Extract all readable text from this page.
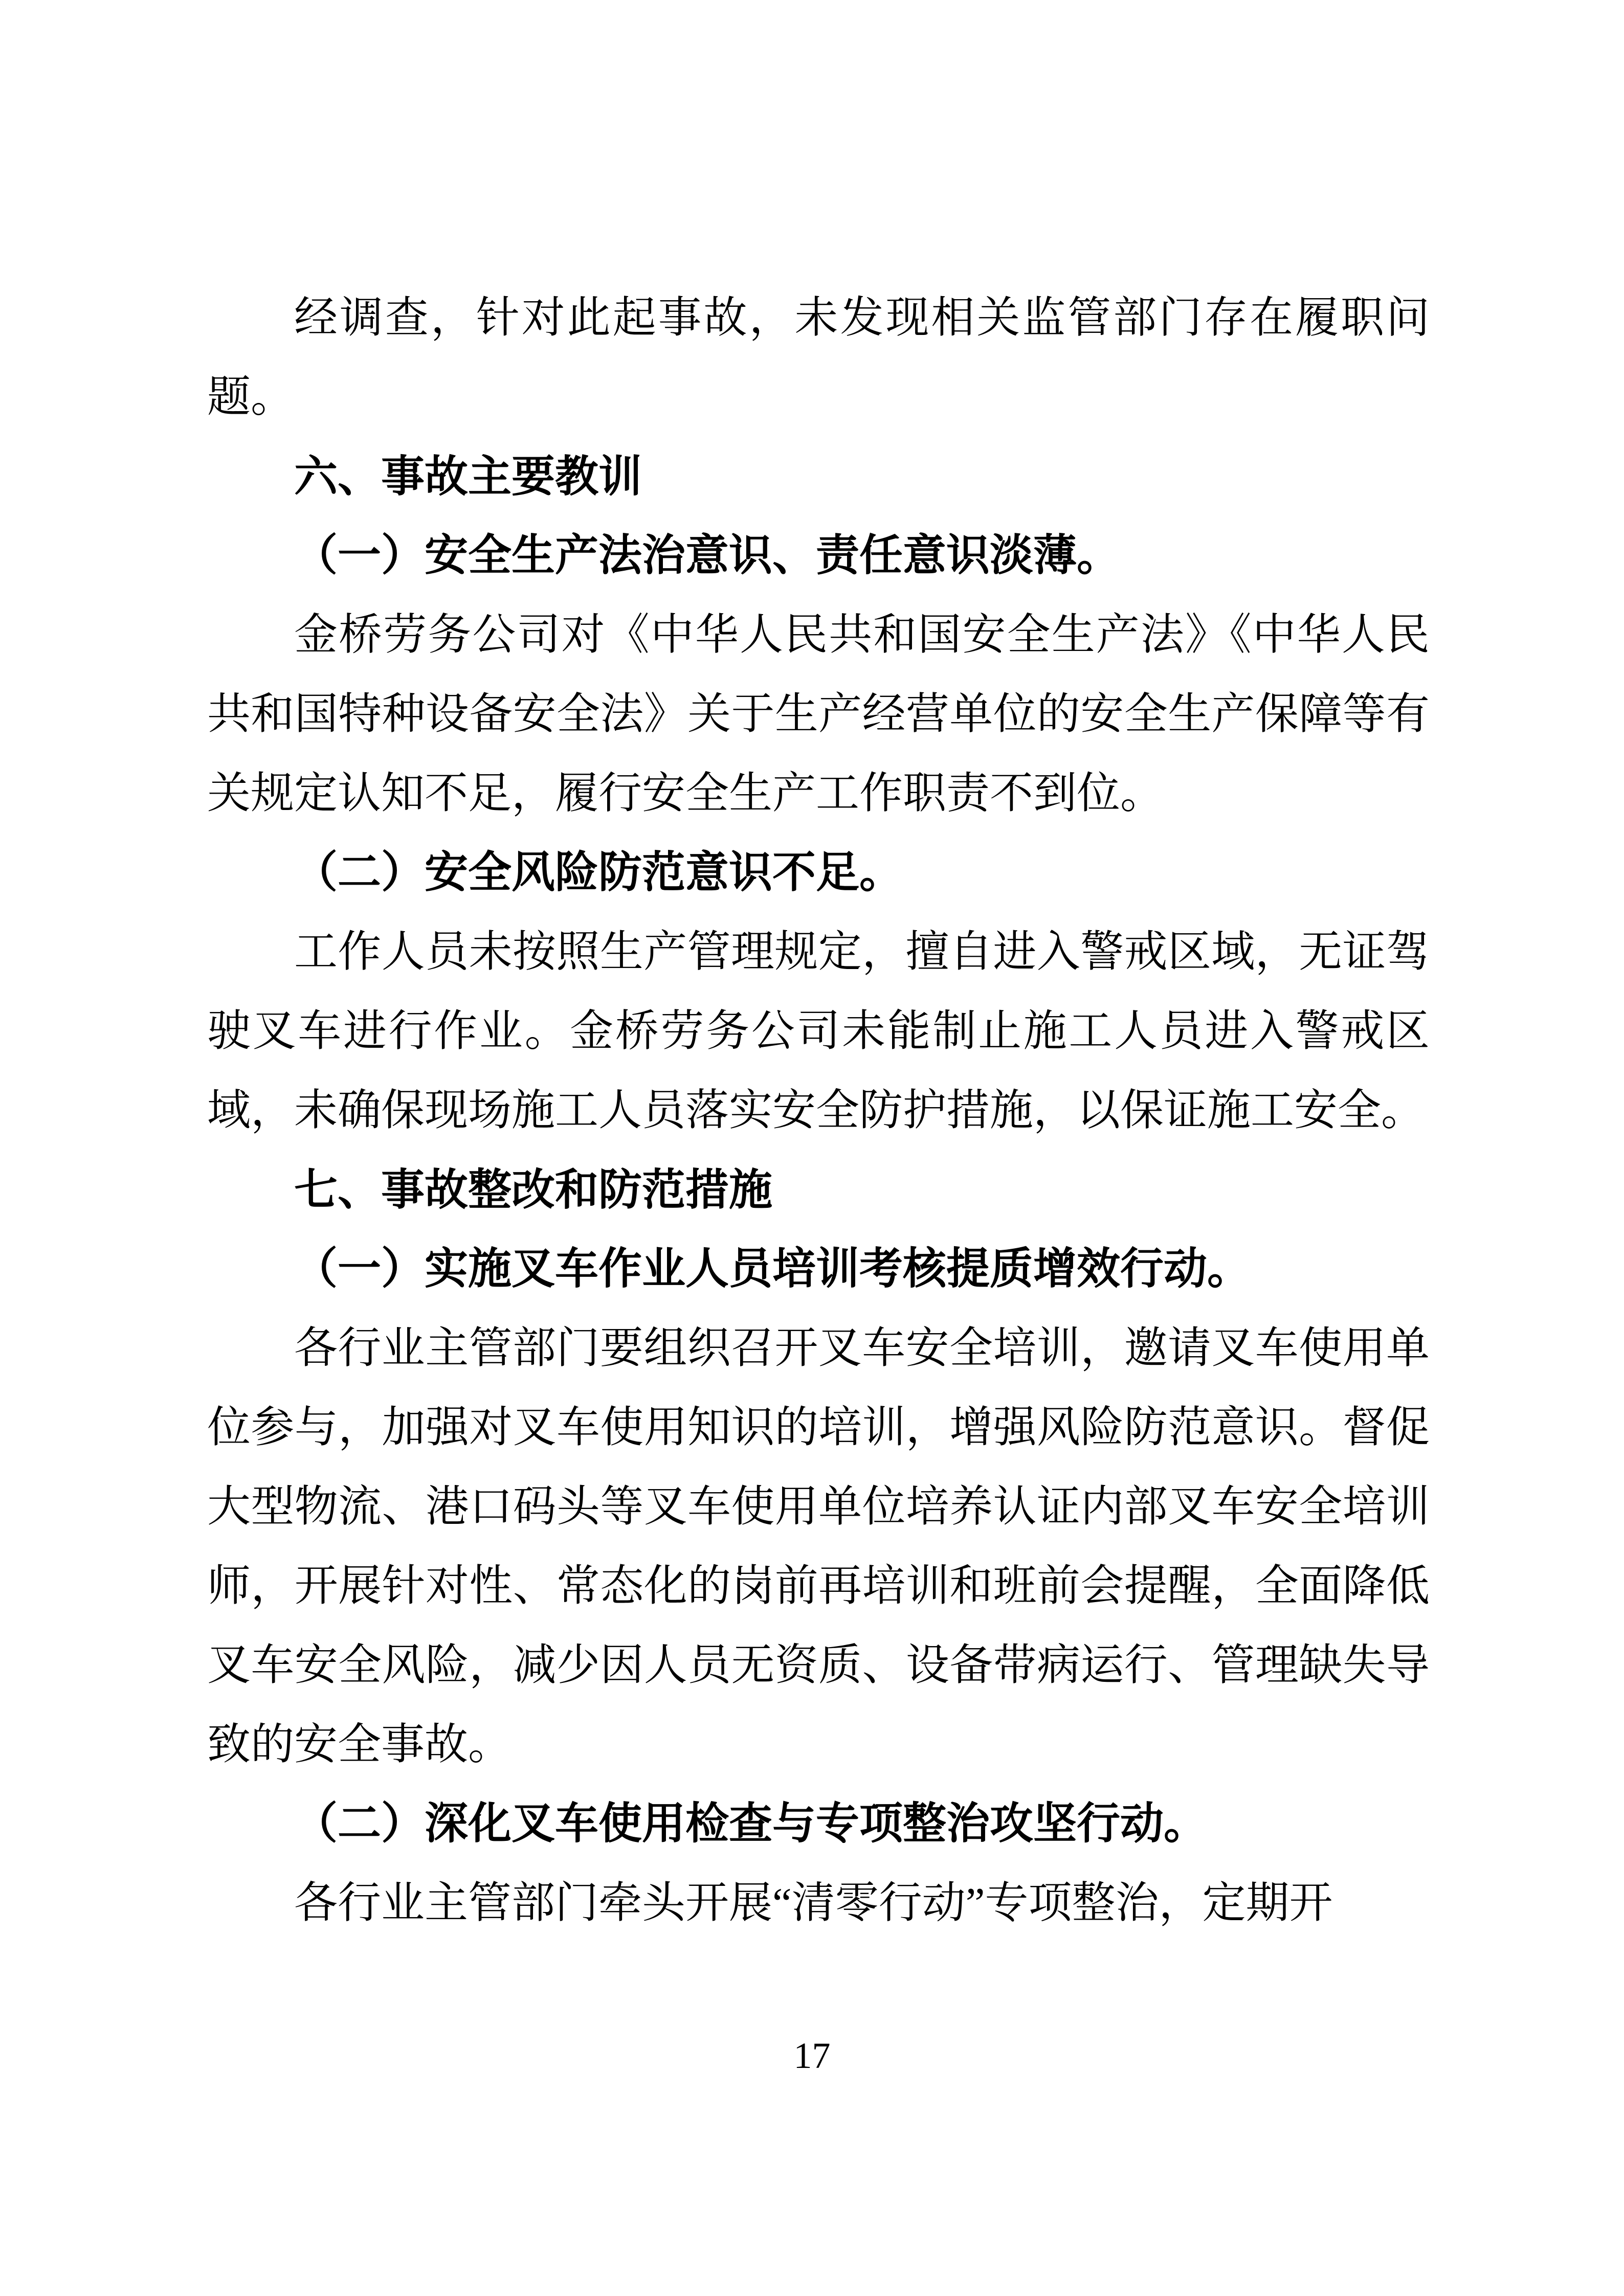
经调查，针对此起事故，未发现相关监管部门存在履职问题。

六、事故主要教训

（一）安全生产法治意识、责任意识淡薄。

金桥劳务公司对《中华人民共和国安全生产法》《中华人民共和国特种设备安全法》关于生产经营单位的安全生产保障等有关规定认知不足，履行安全生产工作职责不到位。

（二）安全风险防范意识不足。

工作人员未按照生产管理规定，擅自进入警戒区域，无证驾驶叉车进行作业。金桥劳务公司未能制止施工人员进入警戒区域，未确保现场施工人员落实安全防护措施，以保证施工安全。

七、事故整改和防范措施

（一）实施叉车作业人员培训考核提质增效行动。

各行业主管部门要组织召开叉车安全培训，邀请叉车使用单位参与，加强对叉车使用知识的培训，增强风险防范意识。督促大型物流、港口码头等叉车使用单位培养认证内部叉车安全培训师，开展针对性、常态化的岗前再培训和班前会提醒，全面降低叉车安全风险，减少因人员无资质、设备带病运行、管理缺失导致的安全事故。

（二）深化叉车使用检查与专项整治攻坚行动。

各行业主管部门牵头开展“清零行动”专项整治，定期开

17
